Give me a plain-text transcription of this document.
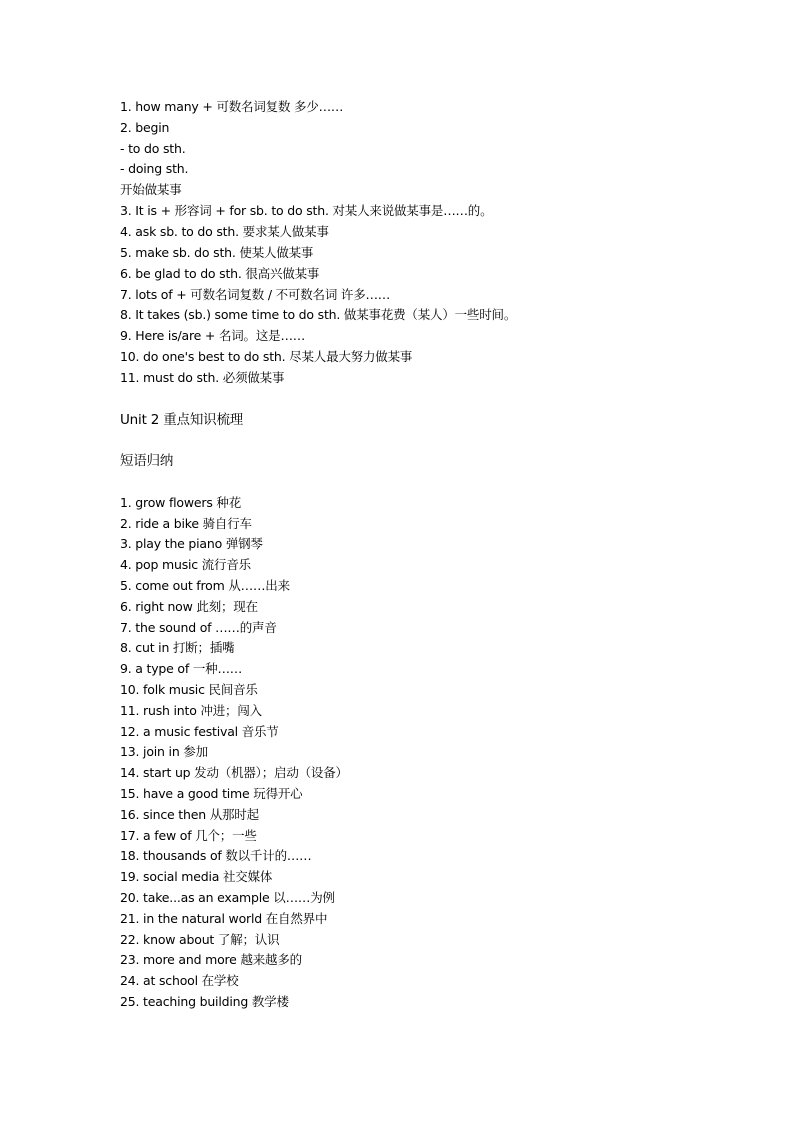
1. how many + 可数名词复数 多少……
2. begin
- to do sth.
- doing sth.
开始做某事
3. It is + 形容词 + for sb. to do sth. 对某人来说做某事是……的。
4. ask sb. to do sth. 要求某人做某事
5. make sb. do sth. 使某人做某事
6. be glad to do sth. 很高兴做某事
7. lots of + 可数名词复数 / 不可数名词 许多……
8. It takes (sb.) some time to do sth. 做某事花费（某人）一些时间。
9. Here is/are + 名词。这是……
10. do one's best to do sth. 尽某人最大努力做某事
11. must do sth. 必须做某事
Unit 2 重点知识梳理
短语归纳
1. grow flowers 种花
2. ride a bike 骑自行车
3. play the piano 弹钢琴
4. pop music 流行音乐
5. come out from 从……出来
6. right now 此刻；现在
7. the sound of ……的声音
8. cut in 打断；插嘴
9. a type of 一种……
10. folk music 民间音乐
11. rush into 冲进；闯入
12. a music festival 音乐节
13. join in 参加
14. start up 发动（机器）；启动（设备）
15. have a good time 玩得开心
16. since then 从那时起
17. a few of 几个；一些
18. thousands of 数以千计的……
19. social media 社交媒体
20. take...as an example 以……为例
21. in the natural world 在自然界中
22. know about 了解；认识
23. more and more 越来越多的
24. at school 在学校
25. teaching building 教学楼
